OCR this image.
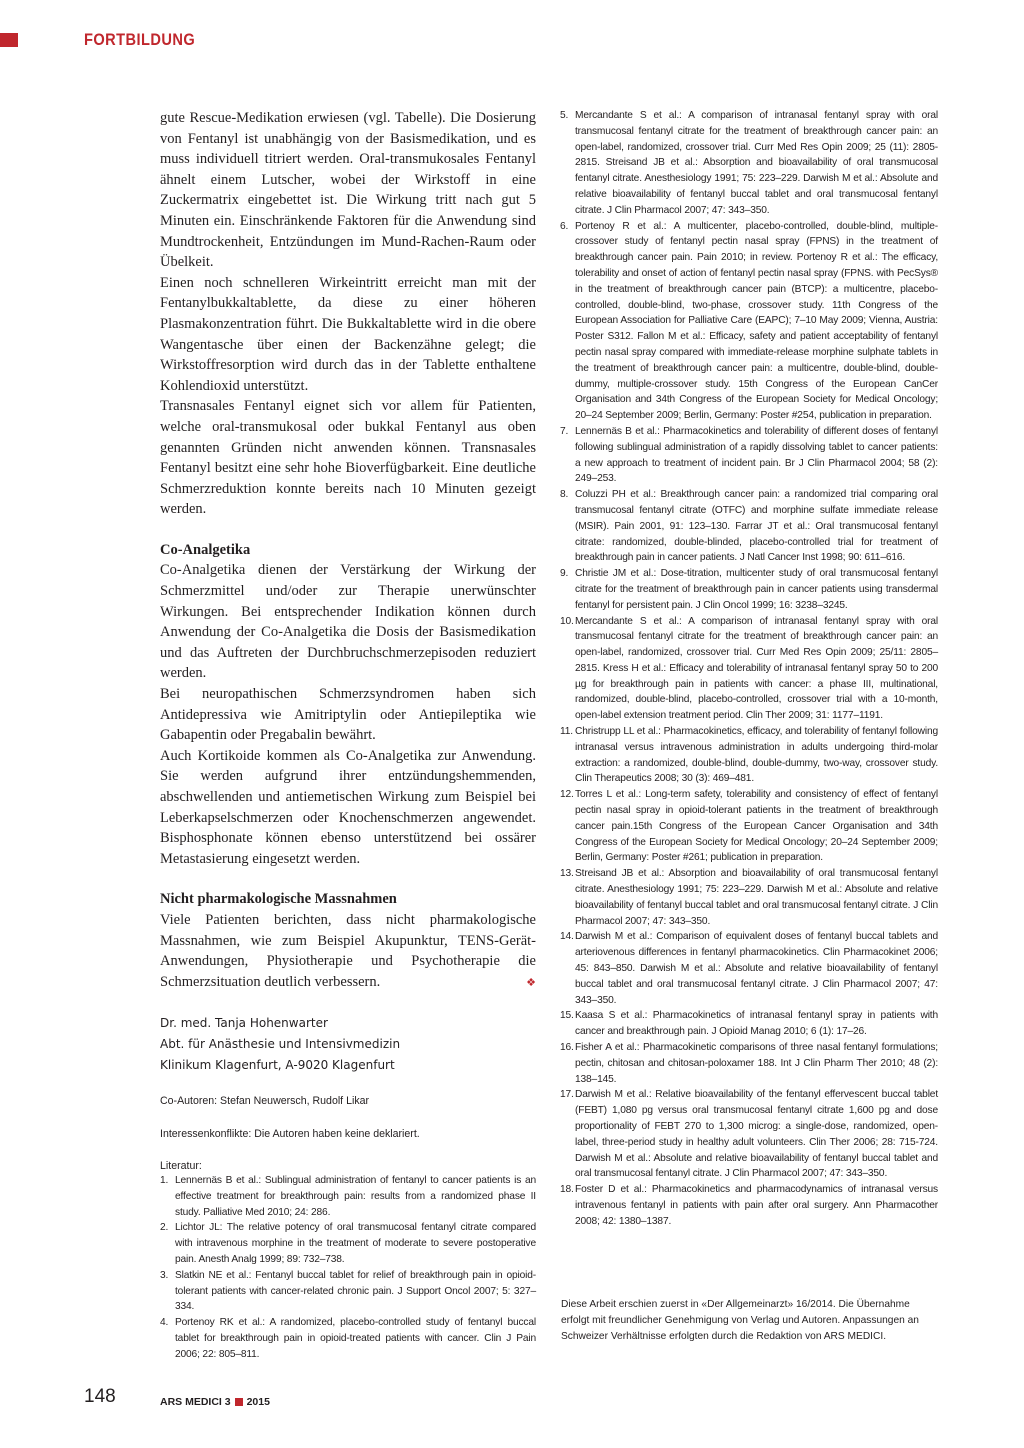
FORTBILDUNG

gute Rescue-Medikation erwiesen (vgl. Tabelle). Die Dosierung von Fentanyl ist unabhängig von der Basismedikation, und es muss individuell titriert werden. Oral-transmukosales Fentanyl ähnelt einem Lutscher, wobei der Wirkstoff in eine Zuckermatrix eingebettet ist. Die Wirkung tritt nach gut 5 Minuten ein. Einschränkende Faktoren für die Anwendung sind Mundtrockenheit, Entzündungen im Mund-Rachen-Raum oder Übelkeit.

Einen noch schnelleren Wirkeintritt erreicht man mit der Fentanylbukkaltablette, da diese zu einer höheren Plasmakonzentration führt. Die Bukkaltablette wird in die obere Wangentasche über einen der Backenzähne gelegt; die Wirkstoffresorption wird durch das in der Tablette enthaltene Kohlendioxid unterstützt.

Transnasales Fentanyl eignet sich vor allem für Patienten, welche oral-transmukosal oder bukkal Fentanyl aus oben genannten Gründen nicht anwenden können. Transnasales Fentanyl besitzt eine sehr hohe Bioverfügbarkeit. Eine deutliche Schmerzreduktion konnte bereits nach 10 Minuten gezeigt werden.

Co-Analgetika

Co-Analgetika dienen der Verstärkung der Wirkung der Schmerzmittel und/oder zur Therapie unerwünschter Wirkungen. Bei entsprechender Indikation können durch Anwendung der Co-Analgetika die Dosis der Basismedikation und das Auftreten der Durchbruchschmerzepisoden reduziert werden.

Bei neuropathischen Schmerzsyndromen haben sich Antidepressiva wie Amitriptylin oder Antiepileptika wie Gabapentin oder Pregabalin bewährt.

Auch Kortikoide kommen als Co-Analgetika zur Anwendung. Sie werden aufgrund ihrer entzündungshemmenden, abschwellenden und antiemetischen Wirkung zum Beispiel bei Leberkapselschmerzen oder Knochenschmerzen angewendet. Bisphosphonate können ebenso unterstützend bei ossärer Metastasierung eingesetzt werden.

Nicht pharmakologische Massnahmen

Viele Patienten berichten, dass nicht pharmakologische Massnahmen, wie zum Beispiel Akupunktur, TENS-Gerät-Anwendungen, Physiotherapie und Psychotherapie die Schmerzsituation deutlich verbessern.	❖

Dr. med. Tanja Hohenwarter
Abt. für Anästhesie und Intensivmedizin
Klinikum Klagenfurt, A-9020 Klagenfurt
Co-Autoren: Stefan Neuwersch, Rudolf Likar
Interessenkonflikte: Die Autoren haben keine deklariert.
Literatur:
1. Lennernäs B et al.: Sublingual administration of fentanyl to cancer patients is an effective treatment for breakthrough pain: results from a randomized phase II study. Palliative Med 2010; 24: 286.
2. Lichtor JL: The relative potency of oral transmucosal fentanyl citrate compared with intravenous morphine in the treatment of moderate to severe postoperative pain. Anesth Analg 1999; 89: 732–738.
3. Slatkin NE et al.: Fentanyl buccal tablet for relief of breakthrough pain in opioid-tolerant patients with cancer-related chronic pain. J Support Oncol 2007; 5: 327–334.
4. Portenoy RK et al.: A randomized, placebo-controlled study of fentanyl buccal tablet for breakthrough pain in opioid-treated patients with cancer. Clin J Pain 2006; 22: 805–811.
5. Mercandante S et al.: A comparison of intranasal fentanyl spray with oral transmucosal fentanyl citrate for the treatment of breakthrough cancer pain: an open-label, randomized, crossover trial. Curr Med Res Opin 2009; 25 (11): 2805-2815. Streisand JB et al.: Absorption and bioavailability of oral transmucosal fentanyl citrate. Anesthesiology 1991; 75: 223–229. Darwish M et al.: Absolute and relative bioavailability of fentanyl buccal tablet and oral transmucosal fentanyl citrate. J Clin Pharmacol 2007; 47: 343–350.
6. Portenoy R et al.: A multicenter, placebo-controlled, double-blind, multiple-crossover study of fentanyl pectin nasal spray (FPNS) in the treatment of breakthrough cancer pain. Pain 2010; in review. Portenoy R et al.: The efficacy, tolerability and onset of action of fentanyl pectin nasal spray (FPNS. with PecSys® in the treatment of breakthrough cancer pain (BTCP): a multicentre, placebo-controlled, double-blind, two-phase, crossover study. 11th Congress of the European Association for Palliative Care (EAPC); 7–10 May 2009; Vienna, Austria: Poster S312. Fallon M et al.: Efficacy, safety and patient acceptability of fentanyl pectin nasal spray compared with immediate-release morphine sulphate tablets in the treatment of breakthrough cancer pain: a multicentre, double-blind, double-dummy, multiple-crossover study. 15th Congress of the European CanCer Organisation and 34th Congress of the European Society for Medical Oncology; 20–24 September 2009; Berlin, Germany: Poster #254, publication in preparation.
7. Lennernäs B et al.: Pharmacokinetics and tolerability of different doses of fentanyl following sublingual administration of a rapidly dissolving tablet to cancer patients: a new approach to treatment of incident pain. Br J Clin Pharmacol 2004; 58 (2): 249–253.
8. Coluzzi PH et al.: Breakthrough cancer pain: a randomized trial comparing oral transmucosal fentanyl citrate (OTFC) and morphine sulfate immediate release (MSIR). Pain 2001, 91: 123–130. Farrar JT et al.: Oral transmucosal fentanyl citrate: randomized, double-blinded, placebo-controlled trial for treatment of breakthrough pain in cancer patients. J Natl Cancer Inst 1998; 90: 611–616.
9. Christie JM et al.: Dose-titration, multicenter study of oral transmucosal fentanyl citrate for the treatment of breakthrough pain in cancer patients using transdermal fentanyl for persistent pain. J Clin Oncol 1999; 16: 3238–3245.
10. Mercandante S et al.: A comparison of intranasal fentanyl spray with oral transmucosal fentanyl citrate for the treatment of breakthrough cancer pain: an open-label, randomized, crossover trial. Curr Med Res Opin 2009; 25/11: 2805–2815. Kress H et al.: Efficacy and tolerability of intranasal fentanyl spray 50 to 200 µg for breakthrough pain in patients with cancer: a phase III, multinational, randomized, double-blind, placebo-controlled, crossover trial with a 10-month, open-label extension treatment period. Clin Ther 2009; 31: 1177–1191.
11. Christrupp LL et al.: Pharmacokinetics, efficacy, and tolerability of fentanyl following intranasal versus intravenous administration in adults undergoing third-molar extraction: a randomized, double-blind, double-dummy, two-way, crossover study. Clin Therapeutics 2008; 30 (3): 469–481.
12. Torres L et al.: Long-term safety, tolerability and consistency of effect of fentanyl pectin nasal spray in opioid-tolerant patients in the treatment of breakthrough cancer pain.15th Congress of the European Cancer Organisation and 34th Congress of the European Society for Medical Oncology; 20–24 September 2009; Berlin, Germany: Poster #261; publication in preparation.
13. Streisand JB et al.: Absorption and bioavailability of oral transmucosal fentanyl citrate. Anesthesiology 1991; 75: 223–229. Darwish M et al.: Absolute and relative bioavailability of fentanyl buccal tablet and oral transmucosal fentanyl citrate. J Clin Pharmacol 2007; 47: 343–350.
14. Darwish M et al.: Comparison of equivalent doses of fentanyl buccal tablets and arteriovenous differences in fentanyl pharmacokinetics. Clin Pharmacokinet 2006; 45: 843–850. Darwish M et al.: Absolute and relative bioavailability of fentanyl buccal tablet and oral transmucosal fentanyl citrate. J Clin Pharmacol 2007; 47: 343–350.
15. Kaasa S et al.: Pharmacokinetics of intranasal fentanyl spray in patients with cancer and breakthrough pain. J Opioid Manag 2010; 6 (1): 17–26.
16. Fisher A et al.: Pharmacokinetic comparisons of three nasal fentanyl formulations; pectin, chitosan and chitosan-poloxamer 188. Int J Clin Pharm Ther 2010; 48 (2): 138–145.
17. Darwish M et al.: Relative bioavailability of the fentanyl effervescent buccal tablet (FEBT) 1,080 pg versus oral transmucosal fentanyl citrate 1,600 pg and dose proportionality of FEBT 270 to 1,300 microg: a single-dose, randomized, open-label, three-period study in healthy adult volunteers. Clin Ther 2006; 28: 715-724. Darwish M et al.: Absolute and relative bioavailability of fentanyl buccal tablet and oral transmucosal fentanyl citrate. J Clin Pharmacol 2007; 47: 343–350.
18. Foster D et al.: Pharmacokinetics and pharmacodynamics of intranasal versus intravenous fentanyl in patients with pain after oral surgery. Ann Pharmacother 2008; 42: 1380–1387.
Diese Arbeit erschien zuerst in «Der Allgemeinarzt» 16/2014. Die Übernahme erfolgt mit freundlicher Genehmigung von Verlag und Autoren. Anpassungen an Schweizer Verhältnisse erfolgten durch die Redaktion von ARS MEDICI.
148	ARS MEDICI 3 2015
